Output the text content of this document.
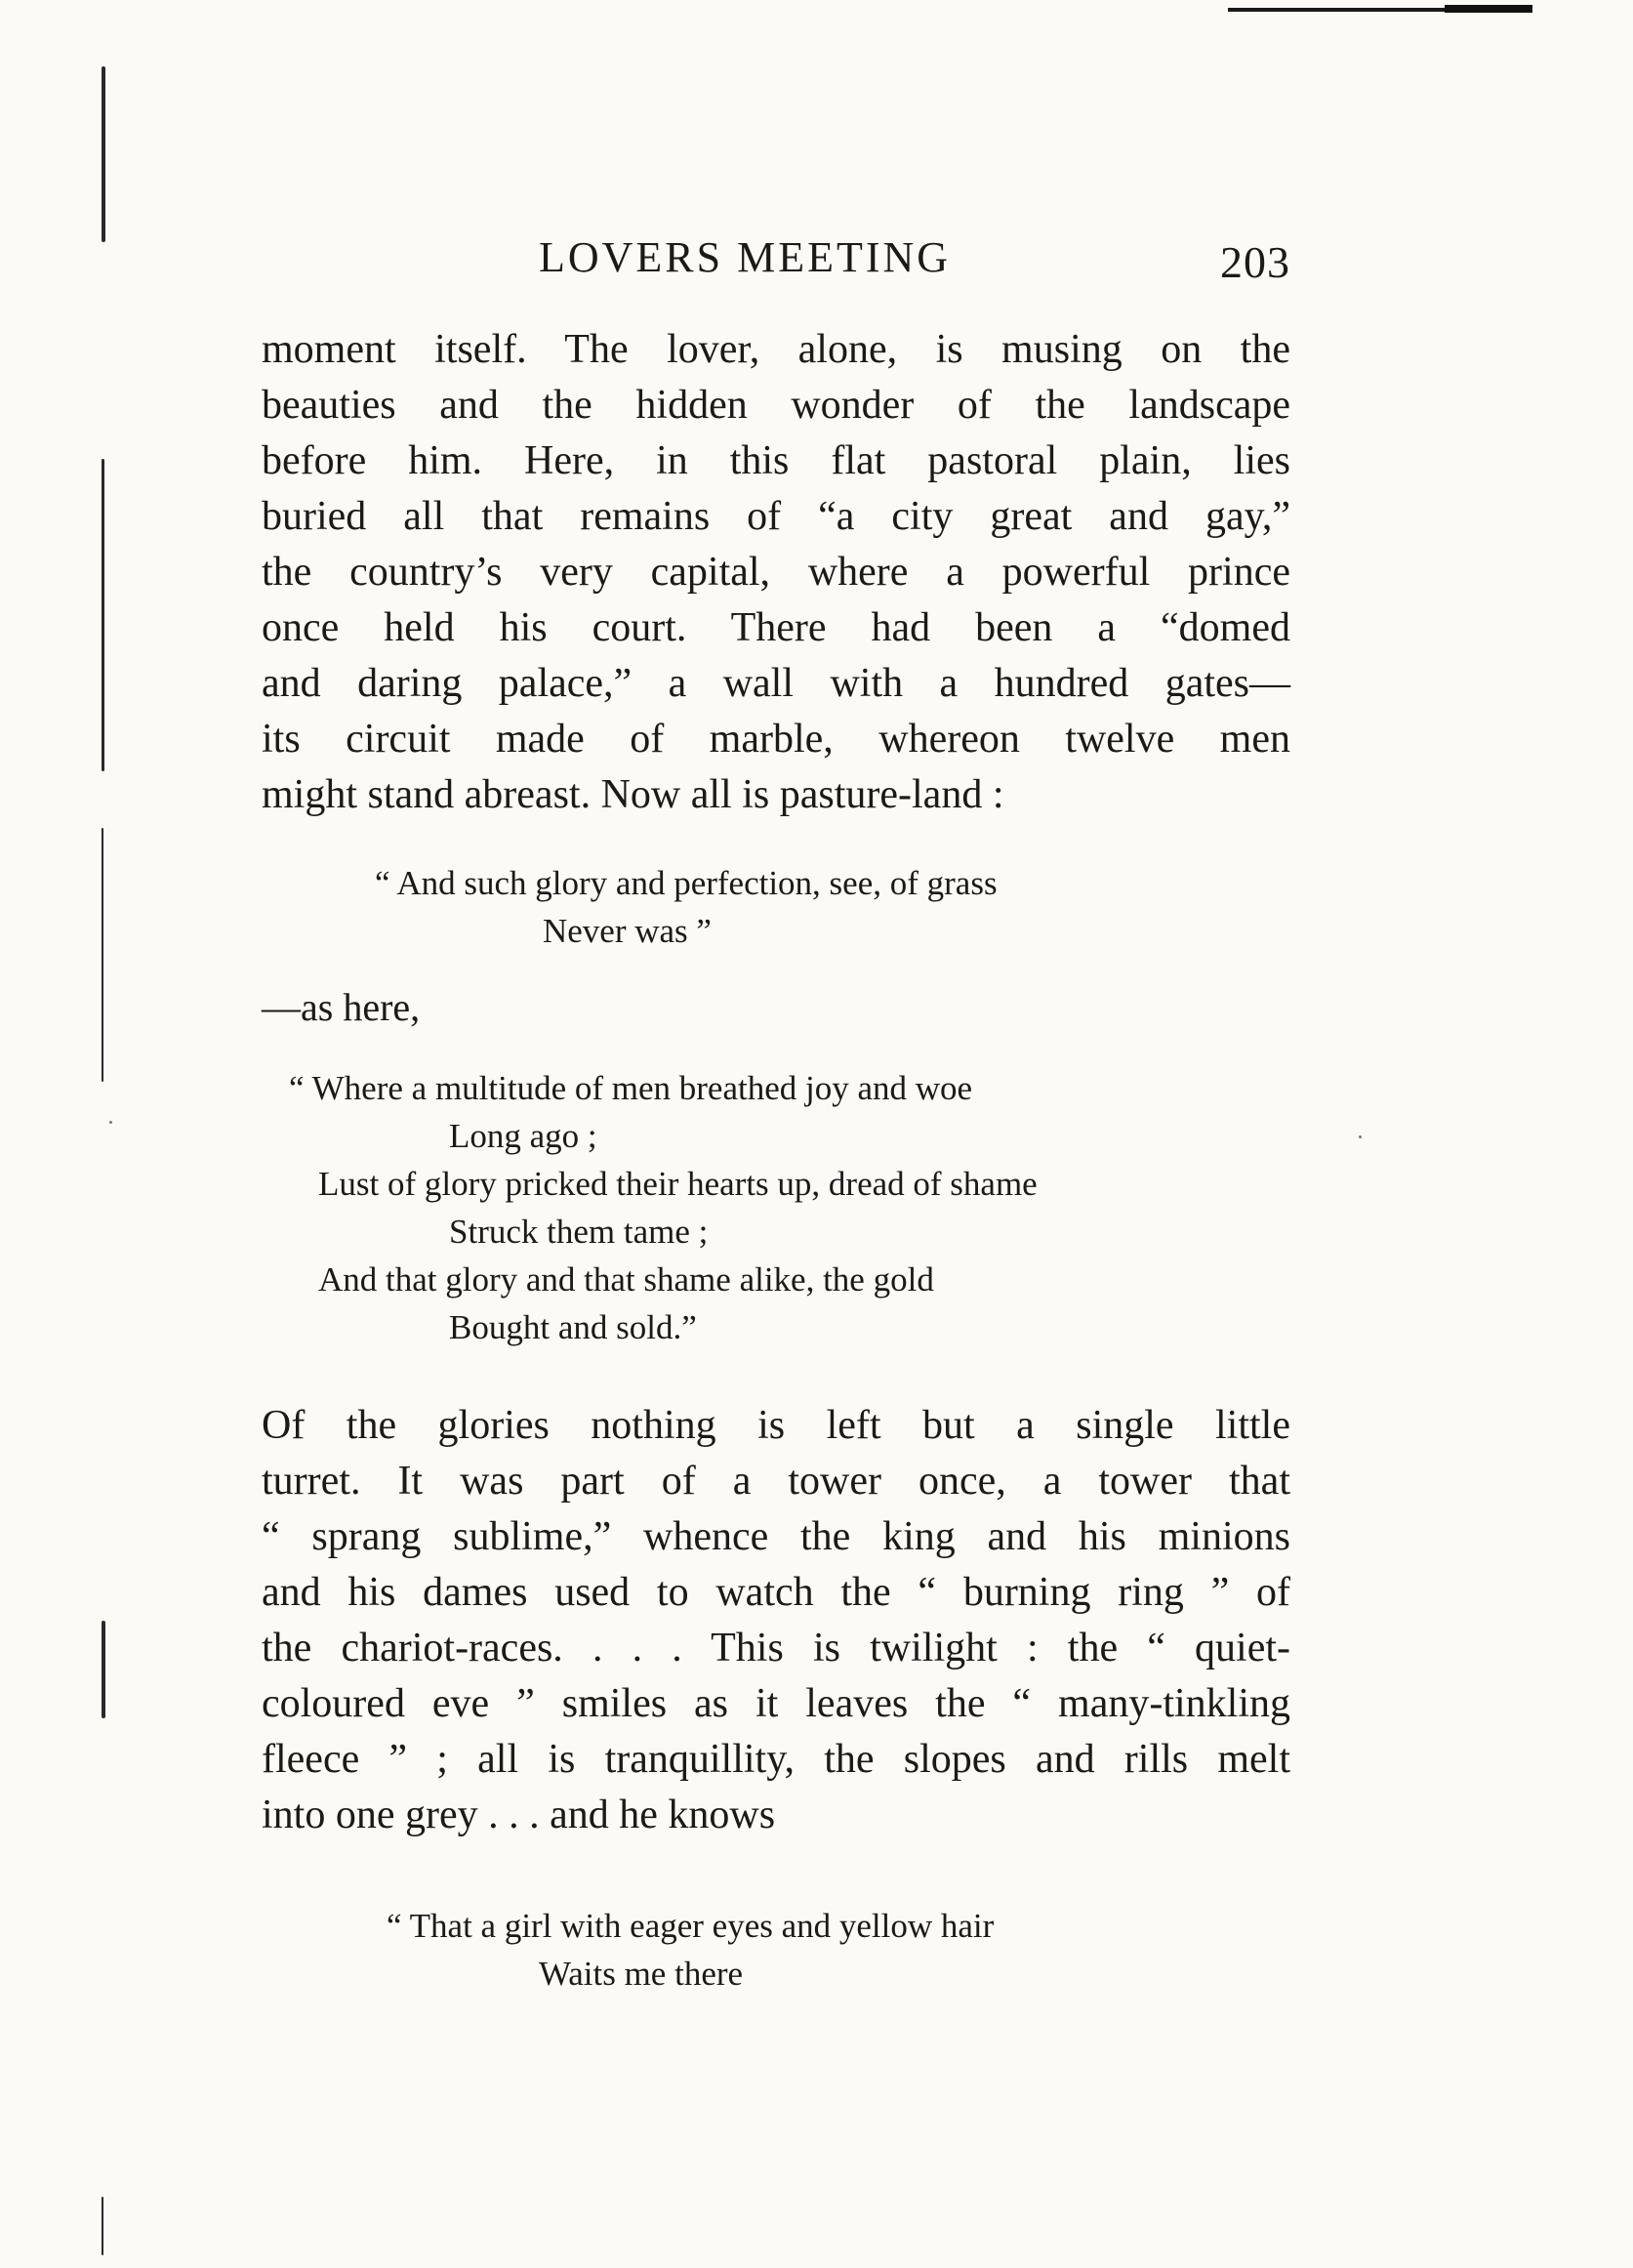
LOVERS MEETING	203
moment itself. The lover, alone, is musing on the
beauties and the hidden wonder of the landscape
before him. Here, in this flat pastoral plain, lies
buried all that remains of “a city great and gay,”
the country’s very capital, where a powerful prince
once held his court. There had been a “domed
and daring palace,” a wall with a hundred gates—
its circuit made of marble, whereon twelve men
might stand abreast. Now all is pasture-land :
“ And such glory and perfection, see, of grass
Never was ”
—as here,
“ Where a multitude of men breathed joy and woe
Long ago ;
Lust of glory pricked their hearts up, dread of shame
Struck them tame ;
And that glory and that shame alike, the gold
Bought and sold.”
Of the glories nothing is left but a single little
turret. It was part of a tower once, a tower that
“ sprang sublime,” whence the king and his minions
and his dames used to watch the “ burning ring ” of
the chariot-races. . . . This is twilight : the “ quiet-
coloured eve ” smiles as it leaves the “ many-tinkling
fleece ” ; all is tranquillity, the slopes and rills melt
into one grey . . . and he knows
“ That a girl with eager eyes and yellow hair
Waits me there
